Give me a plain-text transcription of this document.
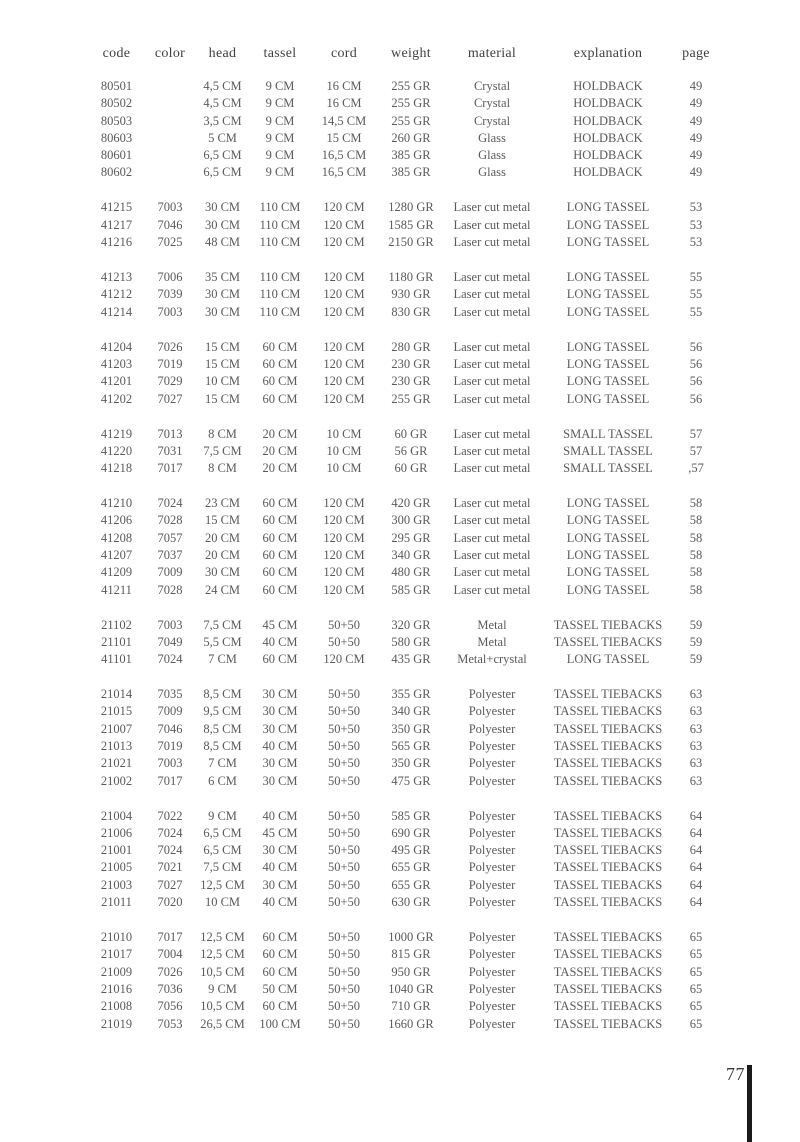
code	color	head	tassel	cord	weight	material	explanation	page
80501		4,5 CM	9 CM	16 CM	255 GR	Crystal	HOLDBACK	49
80502		4,5 CM	9 CM	16 CM	255 GR	Crystal	HOLDBACK	49
80503		3,5 CM	9 CM	14,5 CM	255 GR	Crystal	HOLDBACK	49
80603		5 CM	9 CM	15 CM	260 GR	Glass	HOLDBACK	49
80601		6,5 CM	9 CM	16,5 CM	385 GR	Glass	HOLDBACK	49
80602		6,5 CM	9 CM	16,5 CM	385 GR	Glass	HOLDBACK	49

41215	7003	30 CM	110 CM	120 CM	1280 GR	Laser cut metal	LONG TASSEL	53
41217	7046	30 CM	110 CM	120 CM	1585 GR	Laser cut metal	LONG TASSEL	53
41216	7025	48 CM	110 CM	120 CM	2150 GR	Laser cut metal	LONG TASSEL	53

41213	7006	35 CM	110 CM	120 CM	1180 GR	Laser cut metal	LONG TASSEL	55
41212	7039	30 CM	110 CM	120 CM	930 GR	Laser cut metal	LONG TASSEL	55
41214	7003	30 CM	110 CM	120 CM	830 GR	Laser cut metal	LONG TASSEL	55

41204	7026	15 CM	60 CM	120 CM	280 GR	Laser cut metal	LONG TASSEL	56
41203	7019	15 CM	60 CM	120 CM	230 GR	Laser cut metal	LONG TASSEL	56
41201	7029	10 CM	60 CM	120 CM	230 GR	Laser cut metal	LONG TASSEL	56
41202	7027	15 CM	60 CM	120 CM	255 GR	Laser cut metal	LONG TASSEL	56

41219	7013	8 CM	20 CM	10 CM	60 GR	Laser cut metal	SMALL TASSEL	57
41220	7031	7,5 CM	20 CM	10 CM	56 GR	Laser cut metal	SMALL TASSEL	57
41218	7017	8 CM	20 CM	10 CM	60 GR	Laser cut metal	SMALL TASSEL	,57

41210	7024	23 CM	60 CM	120 CM	420 GR	Laser cut metal	LONG TASSEL	58
41206	7028	15 CM	60 CM	120 CM	300 GR	Laser cut metal	LONG TASSEL	58
41208	7057	20 CM	60 CM	120 CM	295 GR	Laser cut metal	LONG TASSEL	58
41207	7037	20 CM	60 CM	120 CM	340 GR	Laser cut metal	LONG TASSEL	58
41209	7009	30 CM	60 CM	120 CM	480 GR	Laser cut metal	LONG TASSEL	58
41211	7028	24 CM	60 CM	120 CM	585 GR	Laser cut metal	LONG TASSEL	58

21102	7003	7,5 CM	45 CM	50+50	320 GR	Metal	TASSEL TIEBACKS	59
21101	7049	5,5 CM	40 CM	50+50	580 GR	Metal	TASSEL TIEBACKS	59
41101	7024	7 CM	60 CM	120 CM	435 GR	Metal+crystal	LONG TASSEL	59

21014	7035	8,5 CM	30 CM	50+50	355 GR	Polyester	TASSEL TIEBACKS	63
21015	7009	9,5 CM	30 CM	50+50	340 GR	Polyester	TASSEL TIEBACKS	63
21007	7046	8,5 CM	30 CM	50+50	350 GR	Polyester	TASSEL TIEBACKS	63
21013	7019	8,5 CM	40 CM	50+50	565 GR	Polyester	TASSEL TIEBACKS	63
21021	7003	7 CM	30 CM	50+50	350 GR	Polyester	TASSEL TIEBACKS	63
21002	7017	6 CM	30 CM	50+50	475 GR	Polyester	TASSEL TIEBACKS	63

21004	7022	9 CM	40 CM	50+50	585 GR	Polyester	TASSEL TIEBACKS	64
21006	7024	6,5 CM	45 CM	50+50	690 GR	Polyester	TASSEL TIEBACKS	64
21001	7024	6,5 CM	30 CM	50+50	495 GR	Polyester	TASSEL TIEBACKS	64
21005	7021	7,5 CM	40 CM	50+50	655 GR	Polyester	TASSEL TIEBACKS	64
21003	7027	12,5 CM	30 CM	50+50	655 GR	Polyester	TASSEL TIEBACKS	64
21011	7020	10 CM	40 CM	50+50	630 GR	Polyester	TASSEL TIEBACKS	64

21010	7017	12,5 CM	60 CM	50+50	1000 GR	Polyester	TASSEL TIEBACKS	65
21017	7004	12,5 CM	60 CM	50+50	815 GR	Polyester	TASSEL TIEBACKS	65
21009	7026	10,5 CM	60 CM	50+50	950 GR	Polyester	TASSEL TIEBACKS	65
21016	7036	9 CM	50 CM	50+50	1040 GR	Polyester	TASSEL TIEBACKS	65
21008	7056	10,5 CM	60 CM	50+50	710 GR	Polyester	TASSEL TIEBACKS	65
21019	7053	26,5 CM	100 CM	50+50	1660 GR	Polyester	TASSEL TIEBACKS	65
77
